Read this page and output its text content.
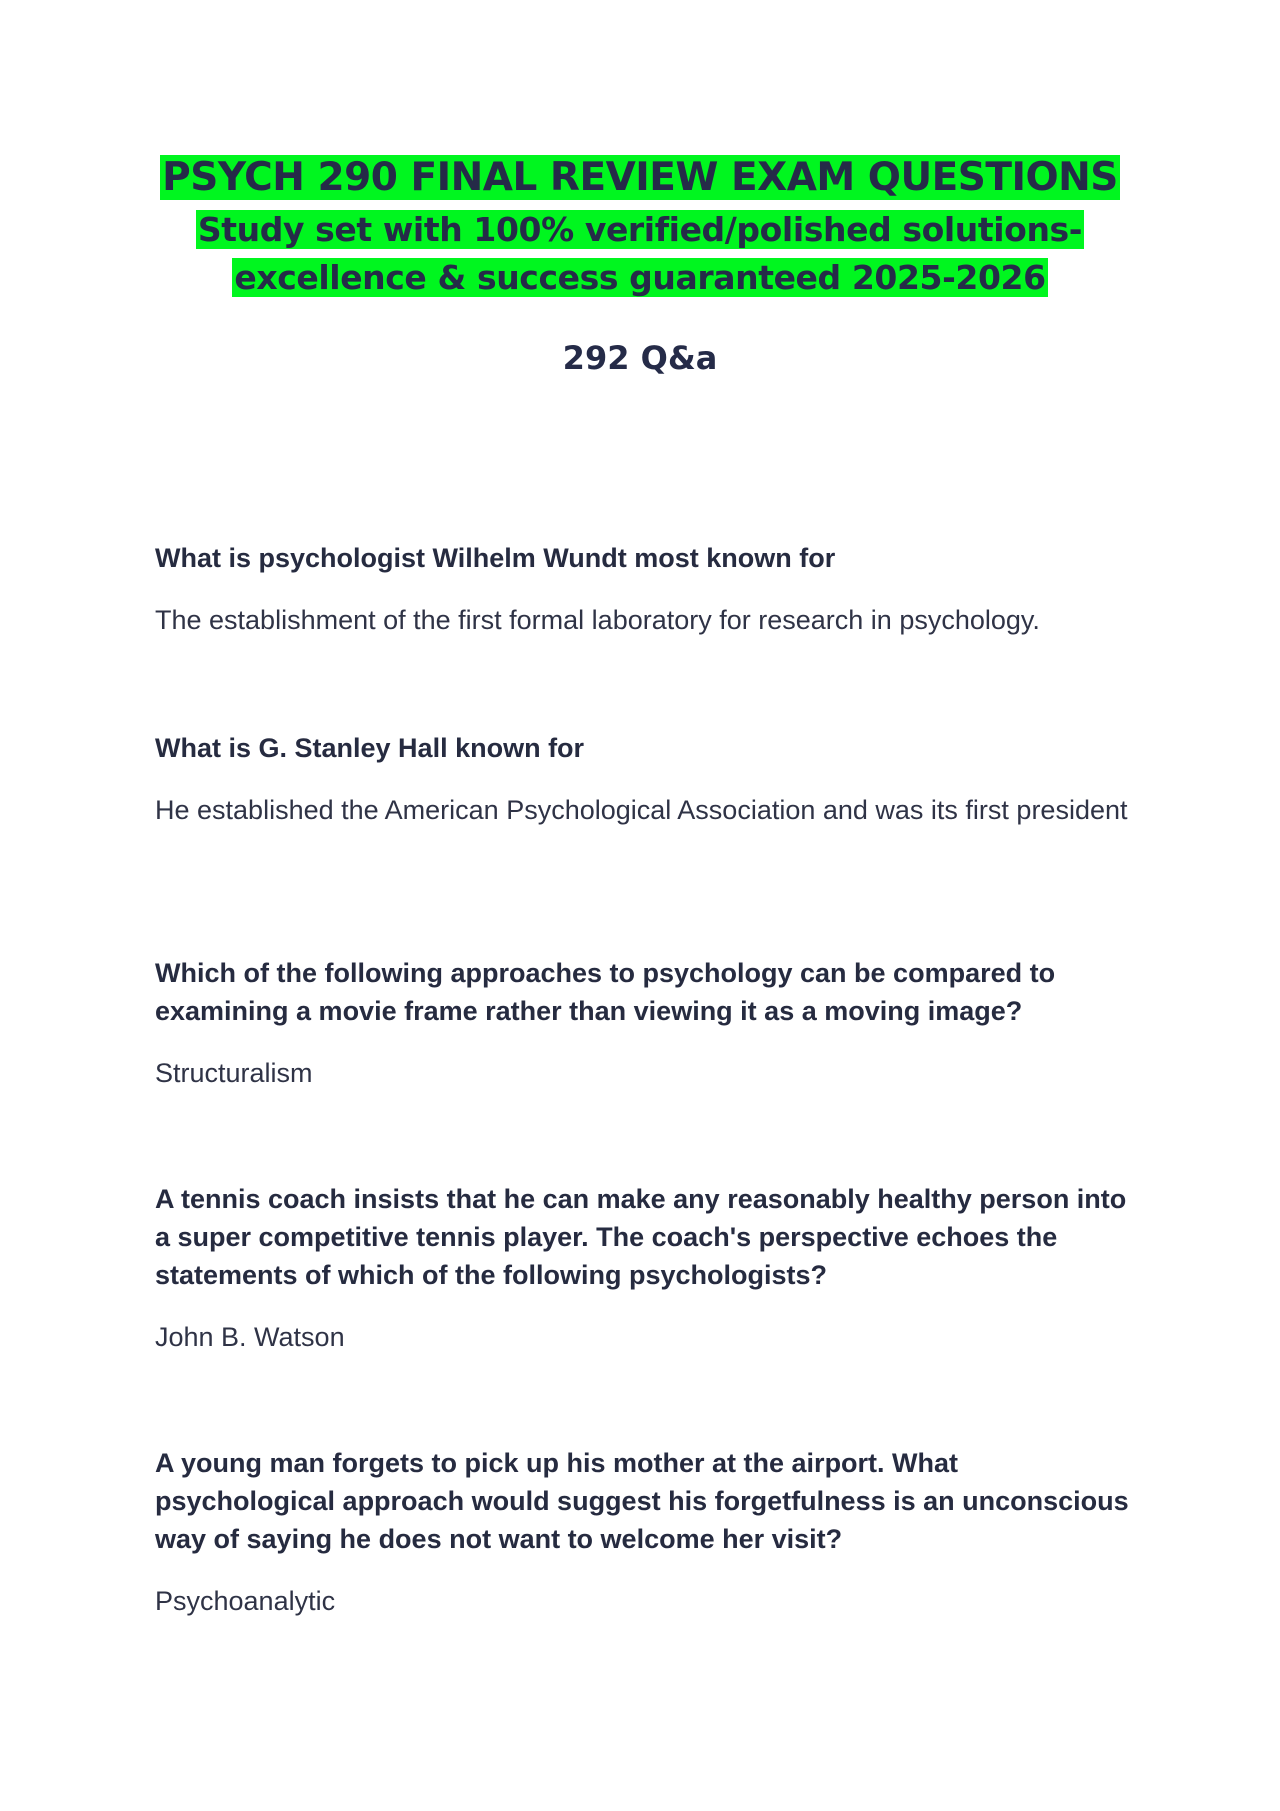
PSYCH 290 FINAL REVIEW EXAM QUESTIONS
Study set with 100% verified/polished solutions-
excellence & success guaranteed 2025-2026
292 Q&a

What is psychologist Wilhelm Wundt most known for

The establishment of the first formal laboratory for research in psychology.

What is G. Stanley Hall known for

He established the American Psychological Association and was its first president

Which of the following approaches to psychology can be compared to examining a movie frame rather than viewing it as a moving image?

Structuralism

A tennis coach insists that he can make any reasonably healthy person into a super competitive tennis player. The coach's perspective echoes the statements of which of the following psychologists?

John B. Watson

A young man forgets to pick up his mother at the airport. What psychological approach would suggest his forgetfulness is an unconscious way of saying he does not want to welcome her visit?

Psychoanalytic
